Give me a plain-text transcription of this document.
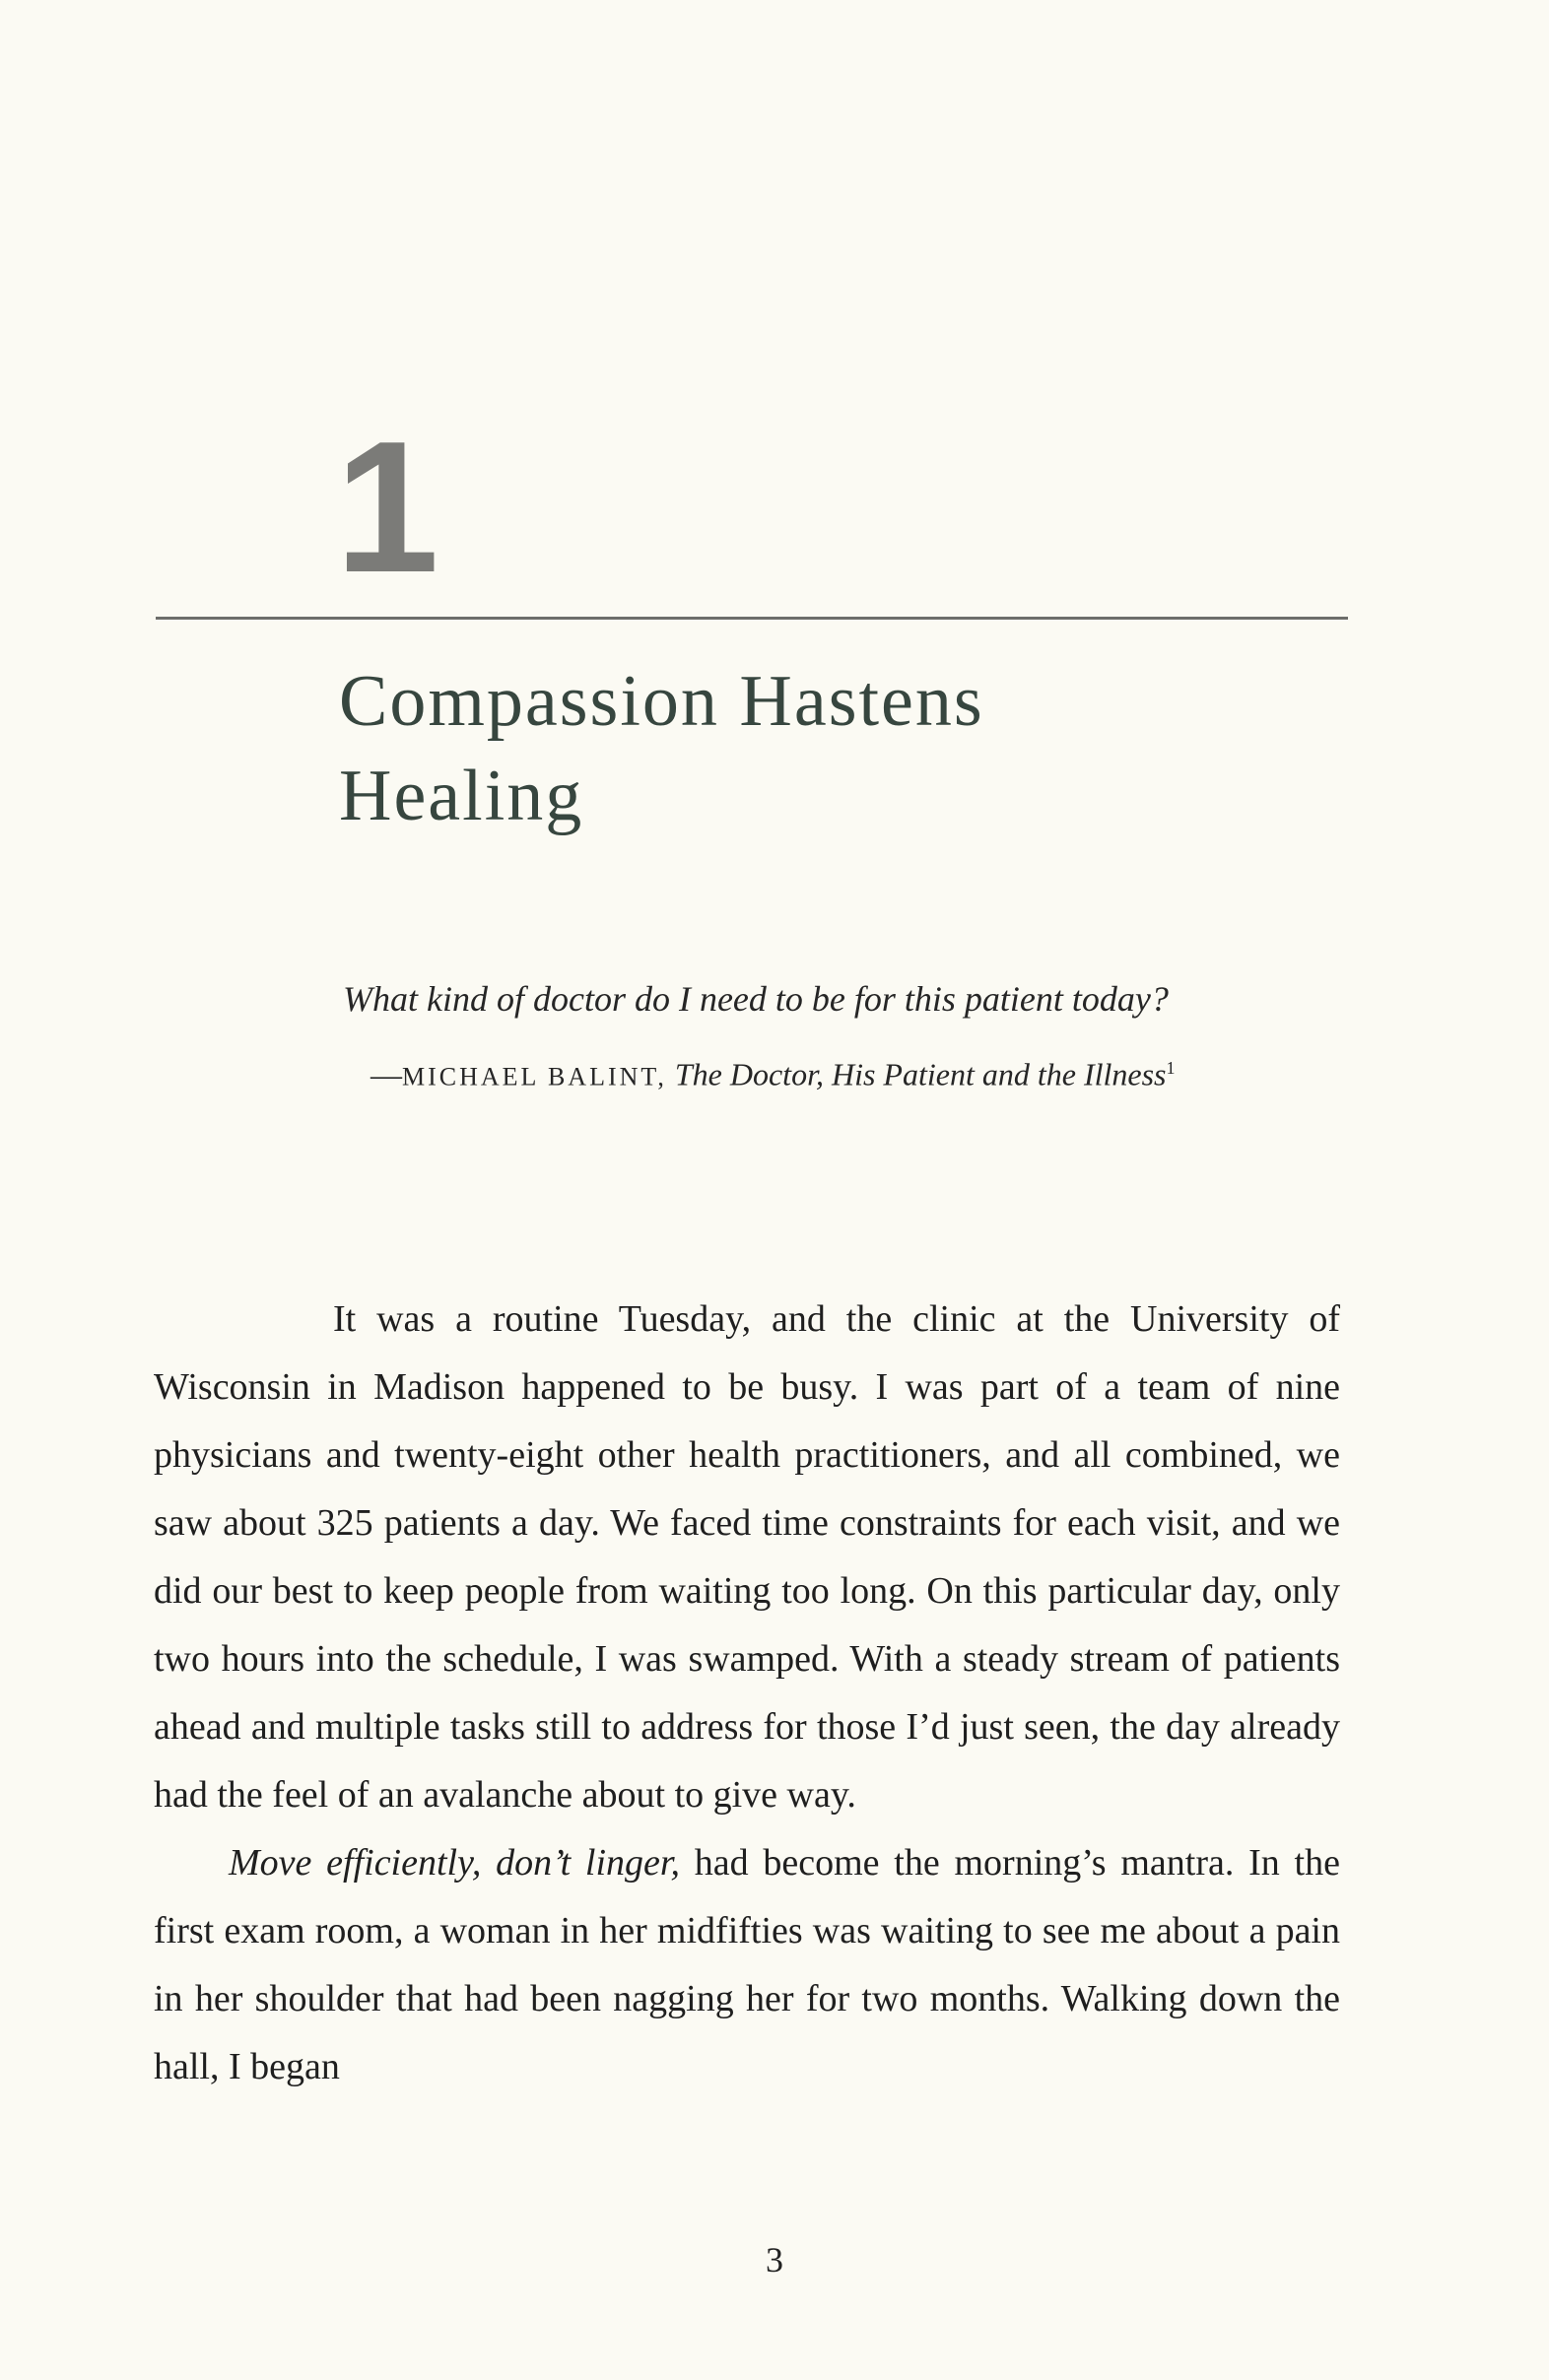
1
Compassion Hastens
Healing

What kind of doctor do I need to be for this patient today?

—MICHAEL BALINT, The Doctor, His Patient and the Illness$^1$

It was a routine Tuesday, and the clinic at the University of Wisconsin in Madison happened to be busy. I was part of a team of nine physicians and twenty-eight other health practitioners, and all combined, we saw about 325 patients a day. We faced time constraints for each visit, and we did our best to keep people from waiting too long. On this particular day, only two hours into the schedule, I was swamped. With a steady stream of patients ahead and multiple tasks still to address for those I’d just seen, the day already had the feel of an avalanche about to give way.

Move efficiently, don’t linger, had become the morning’s mantra. In the first exam room, a woman in her midfifties was waiting to see me about a pain in her shoulder that had been nagging her for two months. Walking down the hall, I began

3
